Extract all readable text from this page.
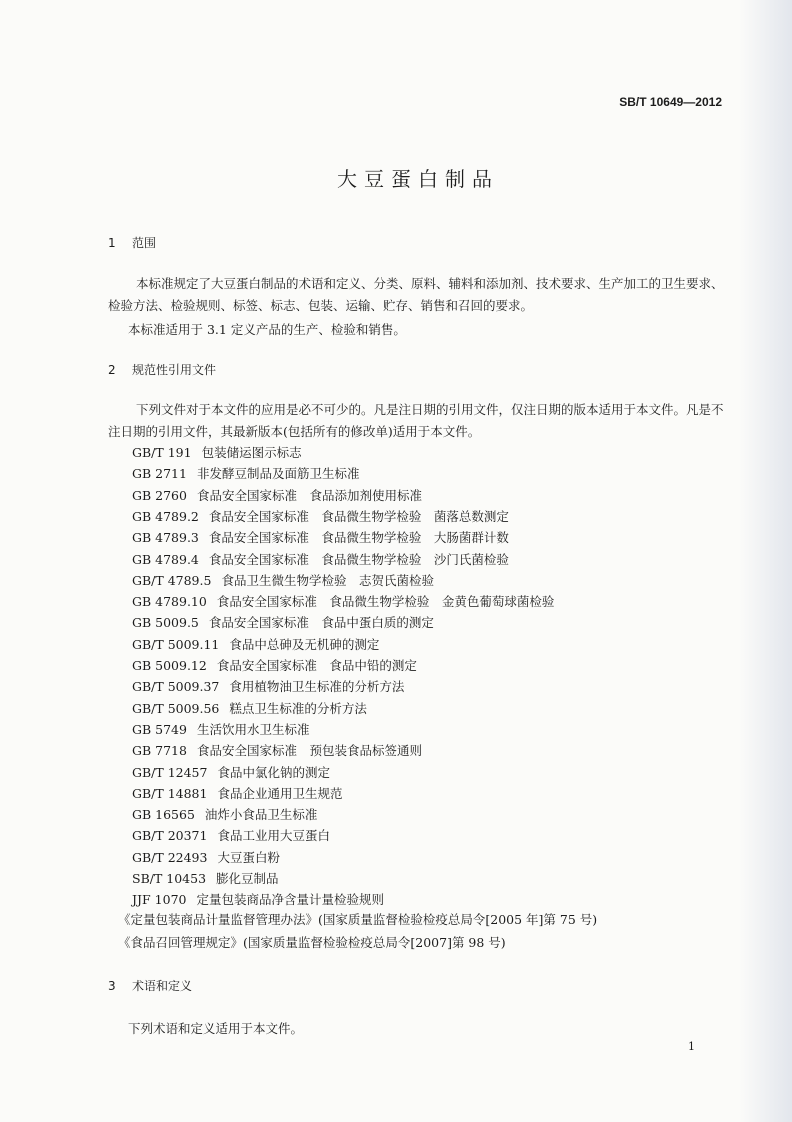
SB/T 10649—2012
大豆蛋白制品
1 范围
本标准规定了大豆蛋白制品的术语和定义、分类、原料、辅料和添加剂、技术要求、生产加工的卫生要求、检验方法、检验规则、标签、标志、包装、运输、贮存、销售和召回的要求。
本标准适用于 3.1 定义产品的生产、检验和销售。
2 规范性引用文件
下列文件对于本文件的应用是必不可少的。凡是注日期的引用文件，仅注日期的版本适用于本文件。凡是不注日期的引用文件，其最新版本(包括所有的修改单)适用于本文件。
GB/T 191 包装储运图示标志
GB 2711 非发酵豆制品及面筋卫生标准
GB 2760 食品安全国家标准　食品添加剂使用标准
GB 4789.2 食品安全国家标准　食品微生物学检验　菌落总数测定
GB 4789.3 食品安全国家标准　食品微生物学检验　大肠菌群计数
GB 4789.4 食品安全国家标准　食品微生物学检验　沙门氏菌检验
GB/T 4789.5 食品卫生微生物学检验　志贺氏菌检验
GB 4789.10 食品安全国家标准　食品微生物学检验　金黄色葡萄球菌检验
GB 5009.5 食品安全国家标准　食品中蛋白质的测定
GB/T 5009.11 食品中总砷及无机砷的测定
GB 5009.12 食品安全国家标准　食品中铅的测定
GB/T 5009.37 食用植物油卫生标准的分析方法
GB/T 5009.56 糕点卫生标准的分析方法
GB 5749 生活饮用水卫生标准
GB 7718 食品安全国家标准　预包装食品标签通则
GB/T 12457 食品中氯化钠的测定
GB/T 14881 食品企业通用卫生规范
GB 16565 油炸小食品卫生标准
GB/T 20371 食品工业用大豆蛋白
GB/T 22493 大豆蛋白粉
SB/T 10453 膨化豆制品
JJF 1070 定量包装商品净含量计量检验规则
《定量包装商品计量监督管理办法》(国家质量监督检验检疫总局令[2005 年]第 75 号)
《食品召回管理规定》(国家质量监督检验检疫总局令[2007]第 98 号)
3 术语和定义
下列术语和定义适用于本文件。
1
